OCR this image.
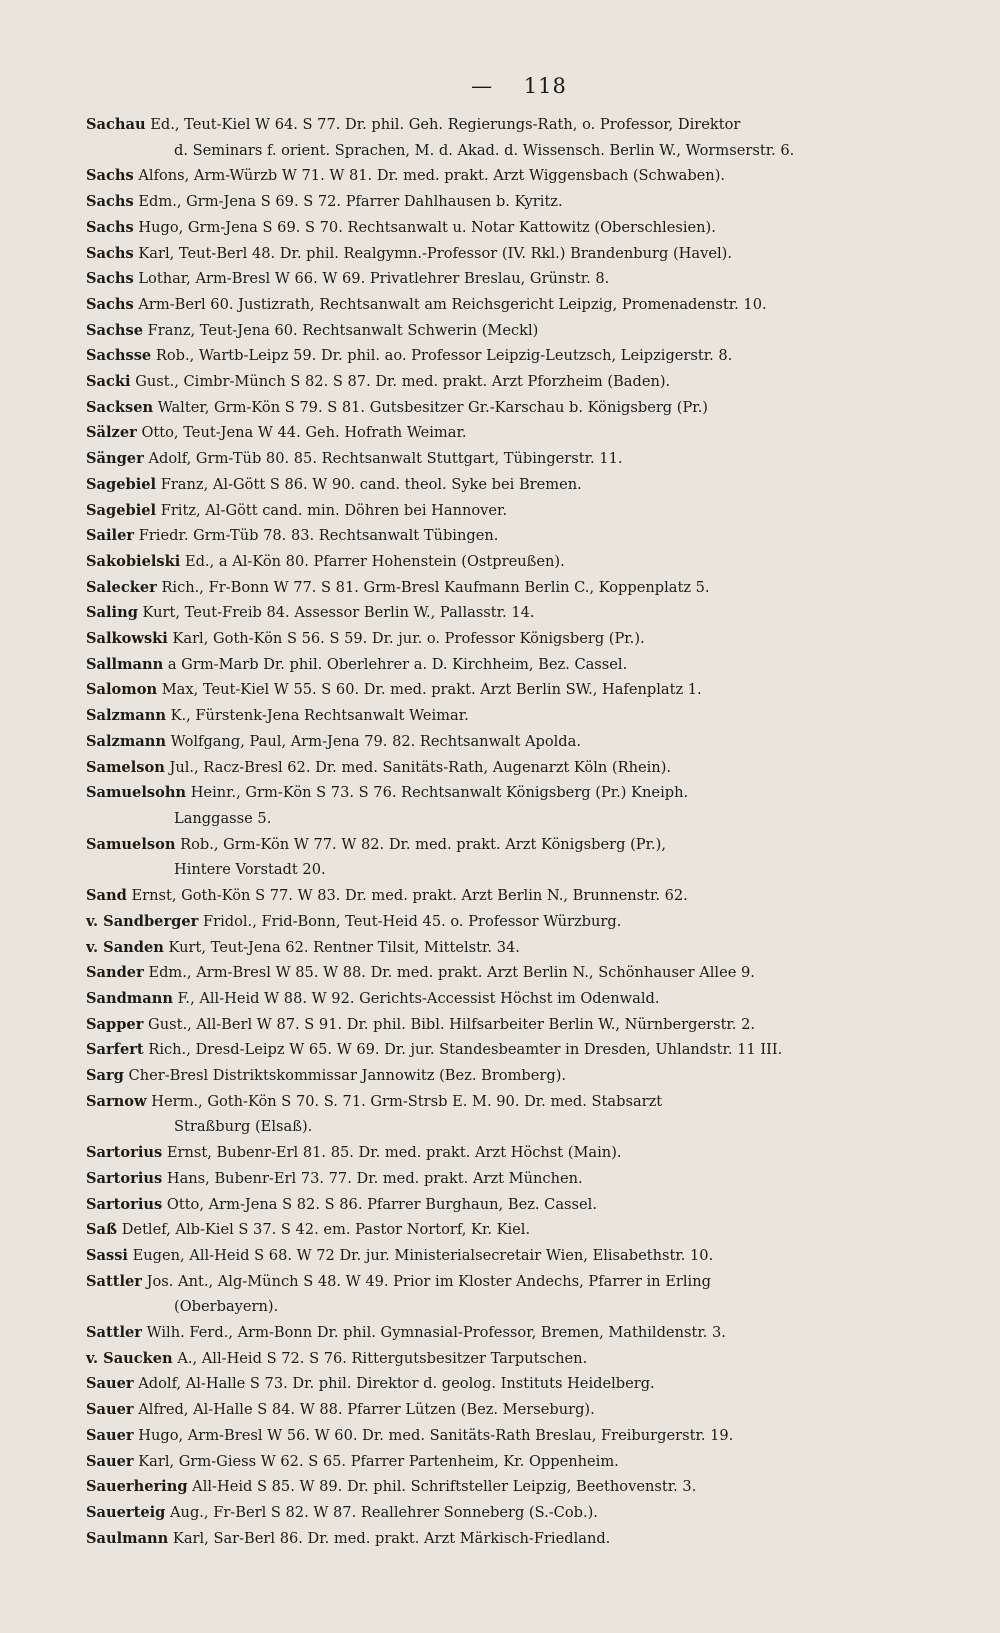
— 118
Sachau Ed., Teut-Kiel W 64. S 77. Dr. phil. Geh. Regierungs-Rath, o. Professor, Direktor
d. Seminars f. orient. Sprachen, M. d. Akad. d. Wissensch. Berlin W., Wormserstr. 6.
Sachs Alfons, Arm-Würzb W 71. W 81. Dr. med. prakt. Arzt Wiggensbach (Schwaben).
Sachs Edm., Grm-Jena S 69. S 72. Pfarrer Dahlhausen b. Kyritz.
Sachs Hugo, Grm-Jena S 69. S 70. Rechtsanwalt u. Notar Kattowitz (Oberschlesien).
Sachs Karl, Teut-Berl 48. Dr. phil. Realgymn.-Professor (IV. Rkl.) Brandenburg (Havel).
Sachs Lothar, Arm-Bresl W 66. W 69. Privatlehrer Breslau, Grünstr. 8.
Sachs Arm-Berl 60. Justizrath, Rechtsanwalt am Reichsgericht Leipzig, Promenadenstr. 10.
Sachse Franz, Teut-Jena 60. Rechtsanwalt Schwerin (Meckl)
Sachsse Rob., Wartb-Leipz 59. Dr. phil. ao. Professor Leipzig-Leutzsch, Leipzigerstr. 8.
Sacki Gust., Cimbr-Münch S 82. S 87. Dr. med. prakt. Arzt Pforzheim (Baden).
Sacksen Walter, Grm-Kön S 79. S 81. Gutsbesitzer Gr.-Karschau b. Königsberg (Pr.)
Sälzer Otto, Teut-Jena W 44. Geh. Hofrath Weimar.
Sänger Adolf, Grm-Tüb 80. 85. Rechtsanwalt Stuttgart, Tübingerstr. 11.
Sagebiel Franz, Al-Gött S 86. W 90. cand. theol. Syke bei Bremen.
Sagebiel Fritz, Al-Gött cand. min. Döhren bei Hannover.
Sailer Friedr. Grm-Tüb 78. 83. Rechtsanwalt Tübingen.
Sakobielski Ed., a Al-Kön 80. Pfarrer Hohenstein (Ostpreußen).
Salecker Rich., Fr-Bonn W 77. S 81. Grm-Bresl Kaufmann Berlin C., Koppenplatz 5.
Saling Kurt, Teut-Freib 84. Assessor Berlin W., Pallasstr. 14.
Salkowski Karl, Goth-Kön S 56. S 59. Dr. jur. o. Professor Königsberg (Pr.).
Sallmann a Grm-Marb Dr. phil. Oberlehrer a. D. Kirchheim, Bez. Cassel.
Salomon Max, Teut-Kiel W 55. S 60. Dr. med. prakt. Arzt Berlin SW., Hafenplatz 1.
Salzmann K., Fürstenk-Jena Rechtsanwalt Weimar.
Salzmann Wolfgang, Paul, Arm-Jena 79. 82. Rechtsanwalt Apolda.
Samelson Jul., Racz-Bresl 62. Dr. med. Sanitäts-Rath, Augenarzt Köln (Rhein).
Samuelsohn Heinr., Grm-Kön S 73. S 76. Rechtsanwalt Königsberg (Pr.) Kneiph.
Langgasse 5.
Samuelson Rob., Grm-Kön W 77. W 82. Dr. med. prakt. Arzt Königsberg (Pr.),
Hintere Vorstadt 20.
Sand Ernst, Goth-Kön S 77. W 83. Dr. med. prakt. Arzt Berlin N., Brunnenstr. 62.
v. Sandberger Fridol., Frid-Bonn, Teut-Heid 45. o. Professor Würzburg.
v. Sanden Kurt, Teut-Jena 62. Rentner Tilsit, Mittelstr. 34.
Sander Edm., Arm-Bresl W 85. W 88. Dr. med. prakt. Arzt Berlin N., Schönhauser Allee 9.
Sandmann F., All-Heid W 88. W 92. Gerichts-Accessist Höchst im Odenwald.
Sapper Gust., All-Berl W 87. S 91. Dr. phil. Bibl. Hilfsarbeiter Berlin W., Nürnbergerstr. 2.
Sarfert Rich., Dresd-Leipz W 65. W 69. Dr. jur. Standesbeamter in Dresden, Uhlandstr. 11 III.
Sarg Cher-Bresl Distriktskommissar Jannowitz (Bez. Bromberg).
Sarnow Herm., Goth-Kön S 70. S. 71. Grm-Strsb E. M. 90. Dr. med. Stabsarzt
Straßburg (Elsaß).
Sartorius Ernst, Bubenr-Erl 81. 85. Dr. med. prakt. Arzt Höchst (Main).
Sartorius Hans, Bubenr-Erl 73. 77. Dr. med. prakt. Arzt München.
Sartorius Otto, Arm-Jena S 82. S 86. Pfarrer Burghaun, Bez. Cassel.
Saß Detlef, Alb-Kiel S 37. S 42. em. Pastor Nortorf, Kr. Kiel.
Sassi Eugen, All-Heid S 68. W 72 Dr. jur. Ministerialsecretair Wien, Elisabethstr. 10.
Sattler Jos. Ant., Alg-Münch S 48. W 49. Prior im Kloster Andechs, Pfarrer in Erling
(Oberbayern).
Sattler Wilh. Ferd., Arm-Bonn Dr. phil. Gymnasial-Professor, Bremen, Mathildenstr. 3.
v. Saucken A., All-Heid S 72. S 76. Rittergutsbesitzer Tarputschen.
Sauer Adolf, Al-Halle S 73. Dr. phil. Direktor d. geolog. Instituts Heidelberg.
Sauer Alfred, Al-Halle S 84. W 88. Pfarrer Lützen (Bez. Merseburg).
Sauer Hugo, Arm-Bresl W 56. W 60. Dr. med. Sanitäts-Rath Breslau, Freiburgerstr. 19.
Sauer Karl, Grm-Giess W 62. S 65. Pfarrer Partenheim, Kr. Oppenheim.
Sauerhering All-Heid S 85. W 89. Dr. phil. Schriftsteller Leipzig, Beethovenstr. 3.
Sauerteig Aug., Fr-Berl S 82. W 87. Reallehrer Sonneberg (S.-Cob.).
Saulmann Karl, Sar-Berl 86. Dr. med. prakt. Arzt Märkisch-Friedland.
